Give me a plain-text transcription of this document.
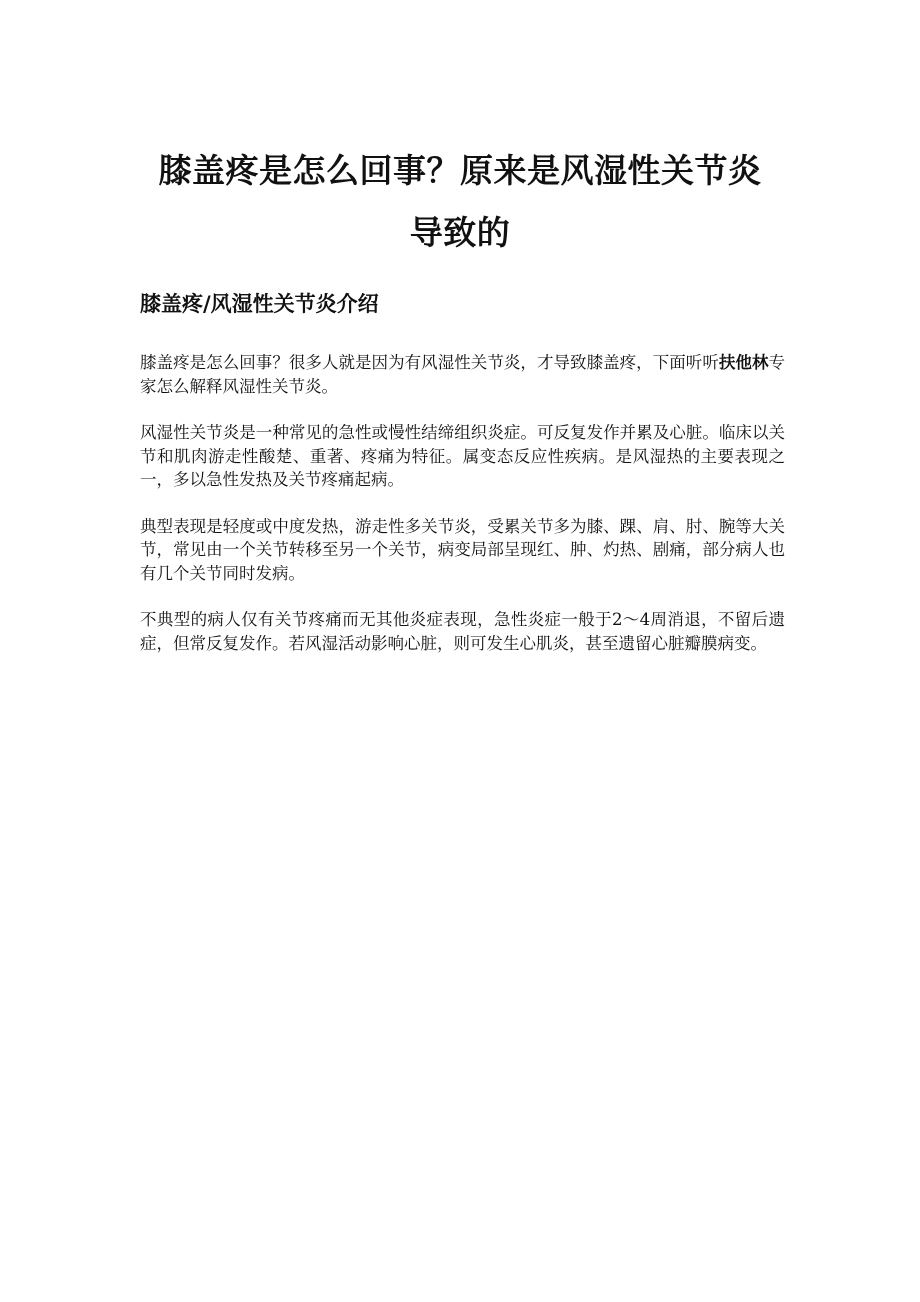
膝盖疼是怎么回事？原来是风湿性关节炎
导致的
膝盖疼/风湿性关节炎介绍

膝盖疼是怎么回事？很多人就是因为有风湿性关节炎，才导致膝盖疼，下面听听扶他林专家怎么解释风湿性关节炎。

风湿性关节炎是一种常见的急性或慢性结缔组织炎症。可反复发作并累及心脏。临床以关节和肌肉游走性酸楚、重著、疼痛为特征。属变态反应性疾病。是风湿热的主要表现之一，多以急性发热及关节疼痛起病。

典型表现是轻度或中度发热，游走性多关节炎，受累关节多为膝、踝、肩、肘、腕等大关节，常见由一个关节转移至另一个关节，病变局部呈现红、肿、灼热、剧痛，部分病人也有几个关节同时发病。

不典型的病人仅有关节疼痛而无其他炎症表现，急性炎症一般于2～4周消退，不留后遗症，但常反复发作。若风湿活动影响心脏，则可发生心肌炎，甚至遗留心脏瓣膜病变。
